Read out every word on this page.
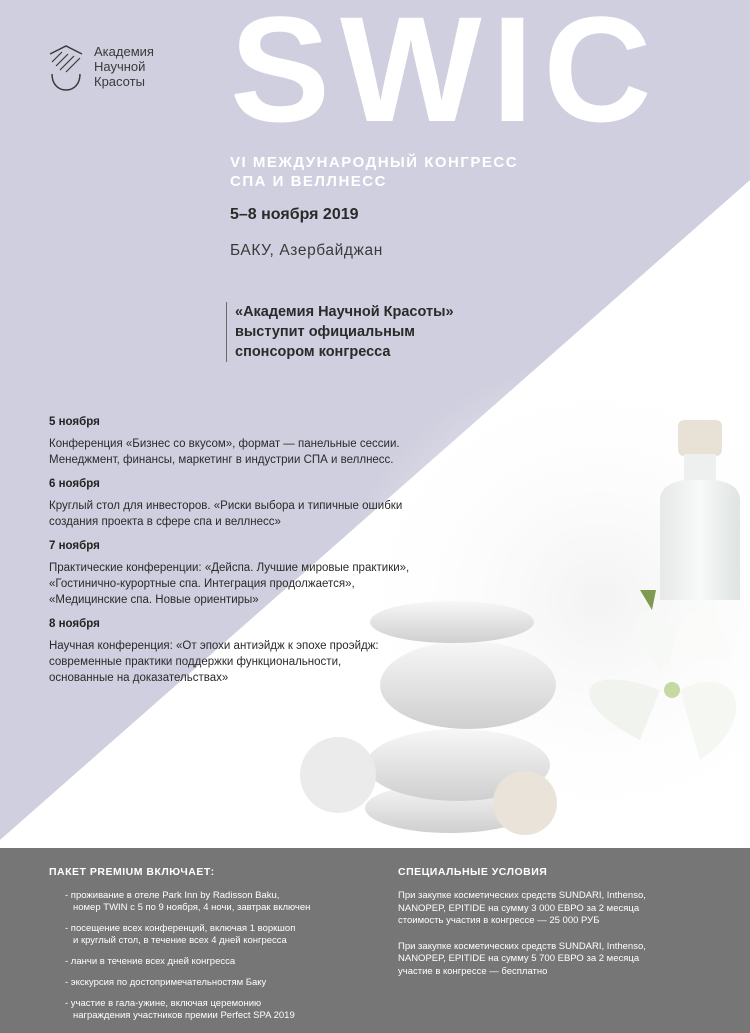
Академия
Научной
Красоты SWIC
VI МЕЖДУНАРОДНЫЙ КОНГРЕСС
СПА И ВЕЛЛНЕСС
5–8 ноября 2019
БАКУ, Азербайджан
«Академия Научной Красоты»
выступит официальным
спонсором конгресса
5 ноября
Конференция «Бизнес со вкусом», формат — панельные сессии.
Менеджмент, финансы, маркетинг в индустрии СПА и веллнесс.
6 ноября
Круглый стол для инвесторов. «Риски выбора и типичные ошибки
создания проекта в сфере спа и веллнесс»
7 ноября
Практические конференции: «Дейспа. Лучшие мировые практики»,
«Гостинично-курортные спа. Интеграция продолжается»,
«Медицинские спа. Новые ориентиры»
8 ноября
Научная конференция: «От эпохи антиэйдж к эпохе проэйдж:
современные практики поддержки функциональности,
основанные на доказательствах»
ПАКЕТ PREMIUM ВКЛЮЧАЕТ:
- проживание в отеле Park Inn by Radisson Baku,
номер TWIN с 5 по 9 ноября, 4 ночи, завтрак включен
- посещение всех конференций, включая 1 воркшоп
и круглый стол, в течение всех 4 дней конгресса
- ланчи в течение всех дней конгресса
- экскурсия по достопримечательностям Баку
- участие в гала-ужине, включая церемонию
награждения участников премии Perfect SPA 2019
СПЕЦИАЛЬНЫЕ УСЛОВИЯ
При закупке косметических средств SUNDARI, Inthenso,
NANOPEP, EPITIDE на сумму 3 000 ЕВРО за 2 месяца
стоимость участия в конгрессе — 25 000 РУБ
При закупке косметических средств SUNDARI, Inthenso,
NANOPEP, EPITIDE на сумму 5 700 ЕВРО за 2 месяца
участие в конгрессе — бесплатно
